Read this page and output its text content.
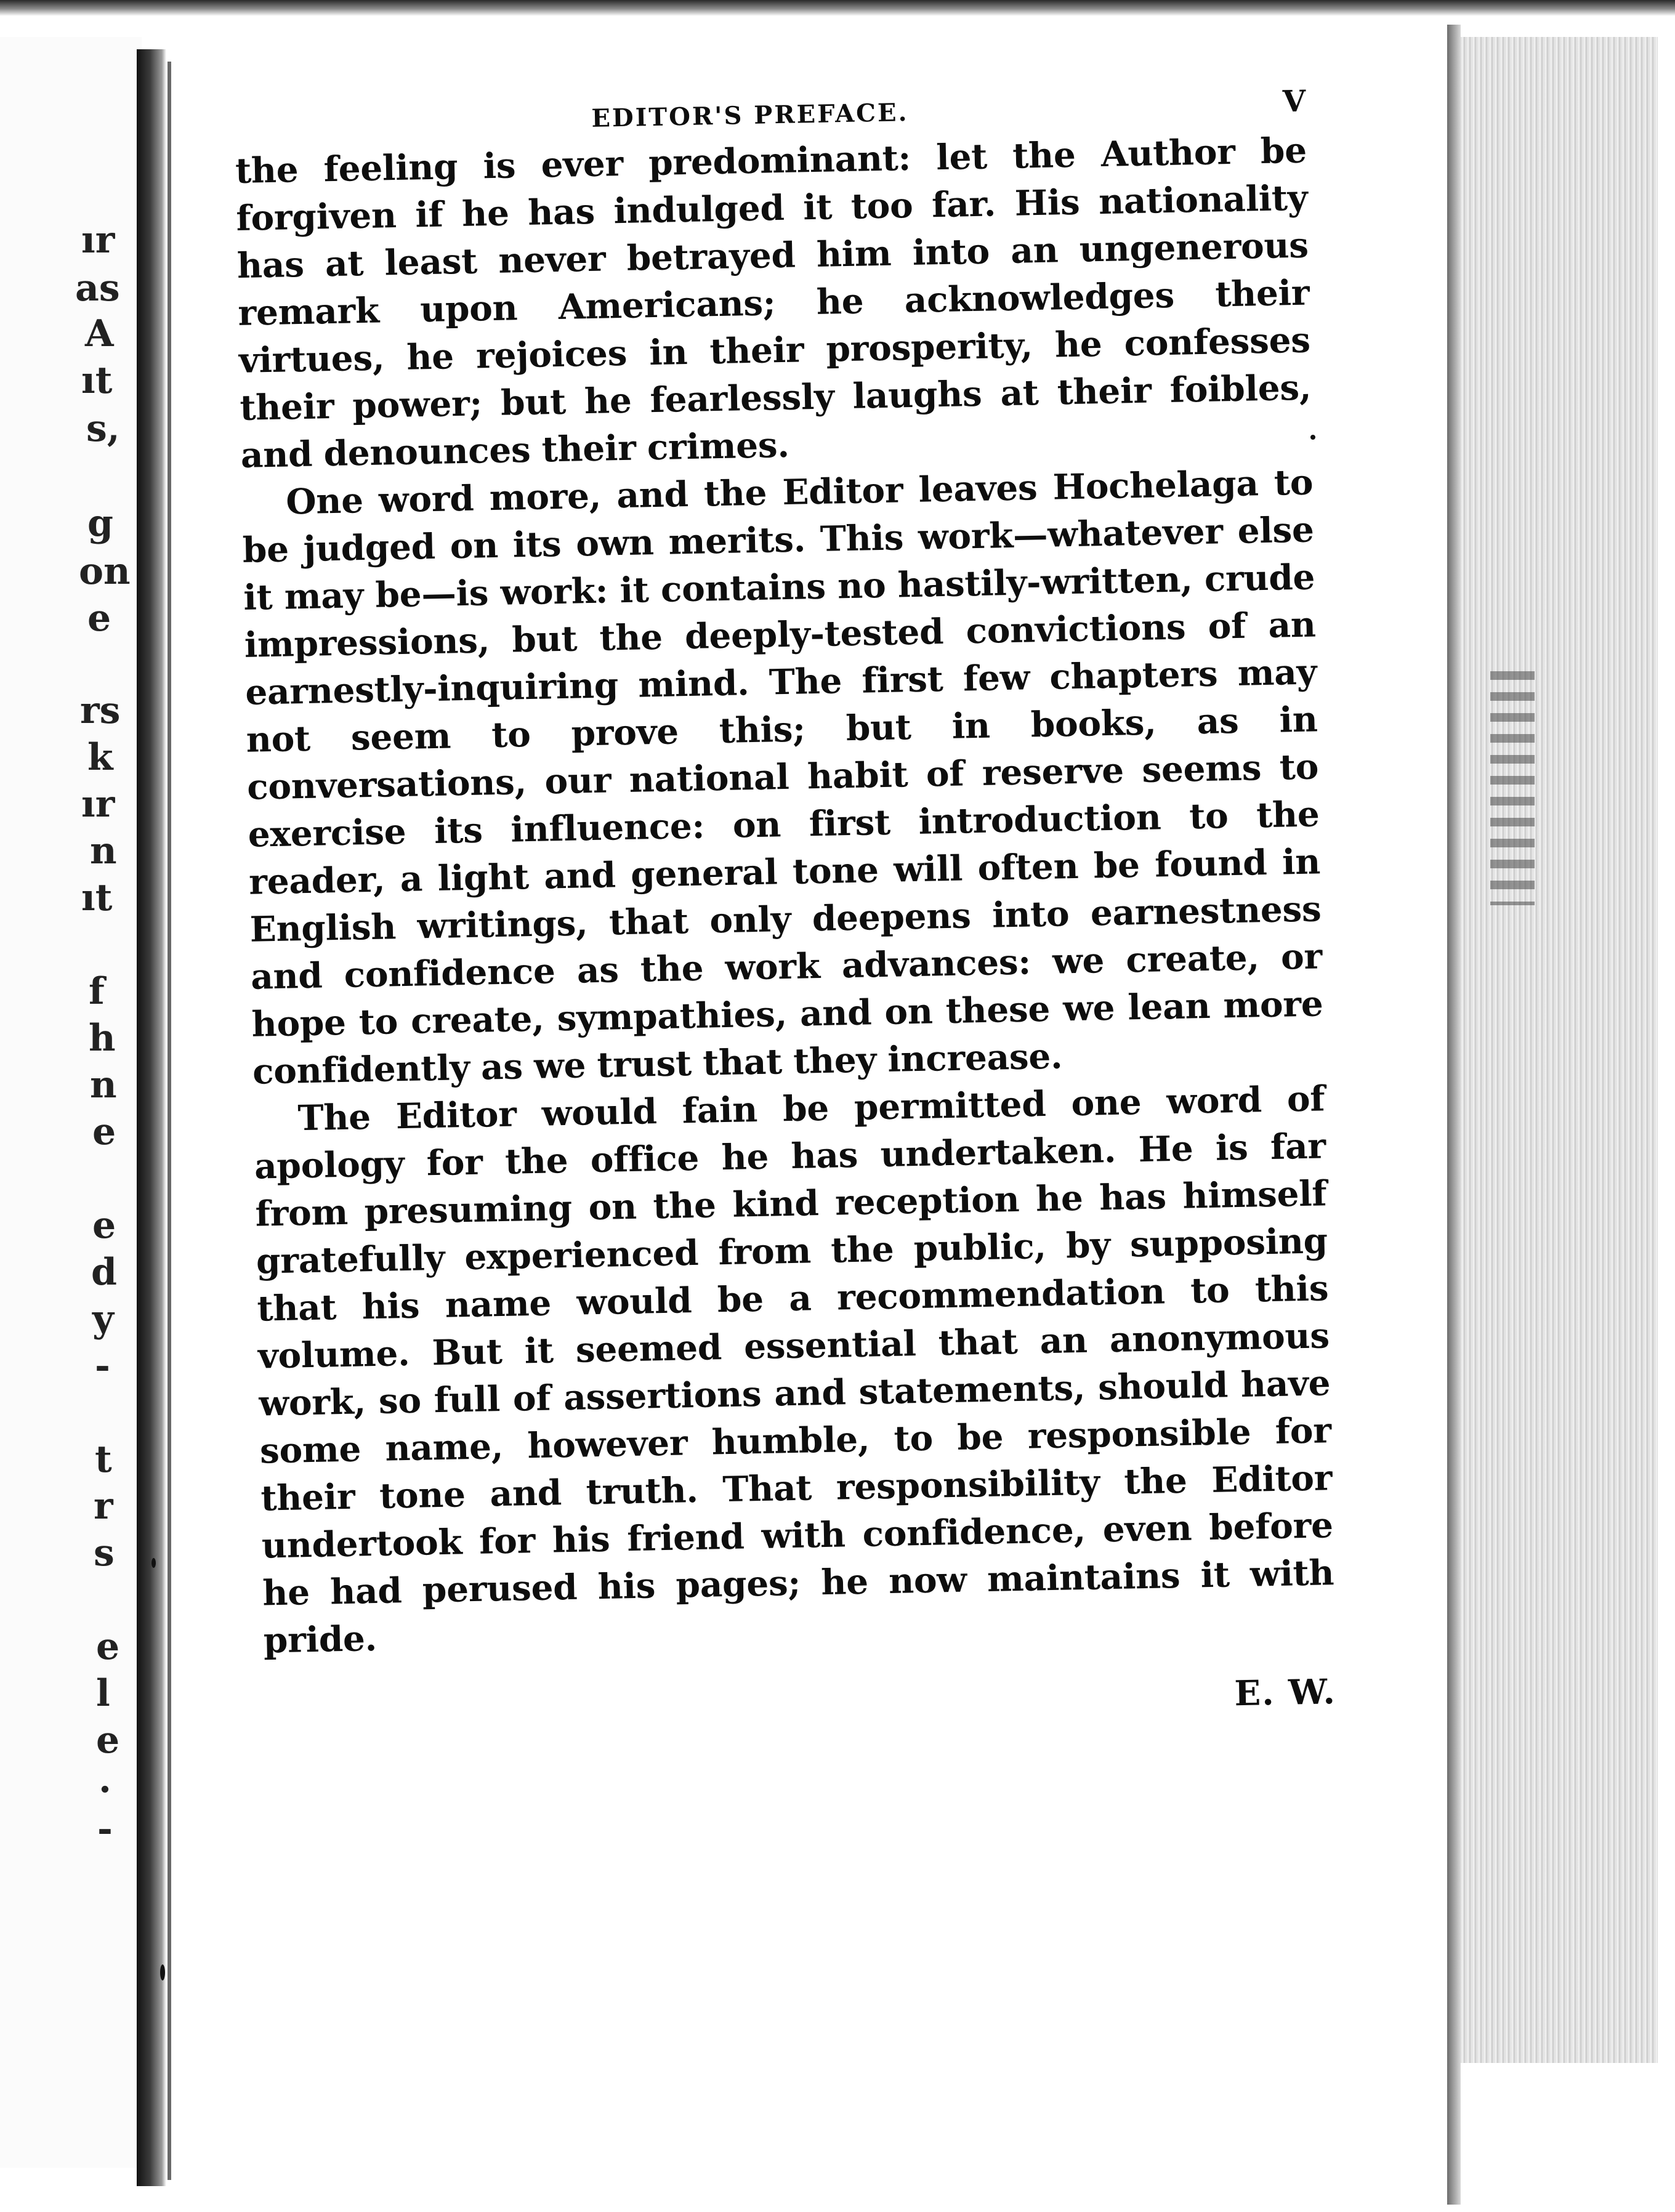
ır
as
A
ıt
s,
g
on
e
rs
k
ır
n
ıt
f
h
n
e
e
d
y
-
t
r
s
e
l
e
.
-
EDITOR'S PREFACE.	V

the feeling is ever predominant: let the Author be forgiven if he has indulged it too far. His nationality has at least never betrayed him into an ungenerous remark upon Americans; he acknowledges their virtues, he rejoices in their prosperity, he confesses their power; but he fearlessly laughs at their foibles, and denounces their crimes.

One word more, and the Editor leaves Hochelaga to be judged on its own merits. This work—whatever else it may be—is work: it contains no hastily-written, crude impressions, but the deeply-tested convictions of an earnestly-inquiring mind. The first few chapters may not seem to prove this; but in books, as in conversations, our national habit of reserve seems to exercise its influence: on first introduction to the reader, a light and general tone will often be found in English writings, that only deepens into earnestness and confidence as the work advances: we create, or hope to create, sympathies, and on these we lean more confidently as we trust that they increase.

The Editor would fain be permitted one word of apology for the office he has undertaken. He is far from presuming on the kind reception he has himself gratefully experienced from the public, by supposing that his name would be a recommendation to this volume. But it seemed essential that an anonymous work, so full of assertions and statements, should have some name, however humble, to be responsible for their tone and truth. That responsibility the Editor undertook for his friend with confidence, even before he had perused his pages; he now maintains it with pride.

E. W.
